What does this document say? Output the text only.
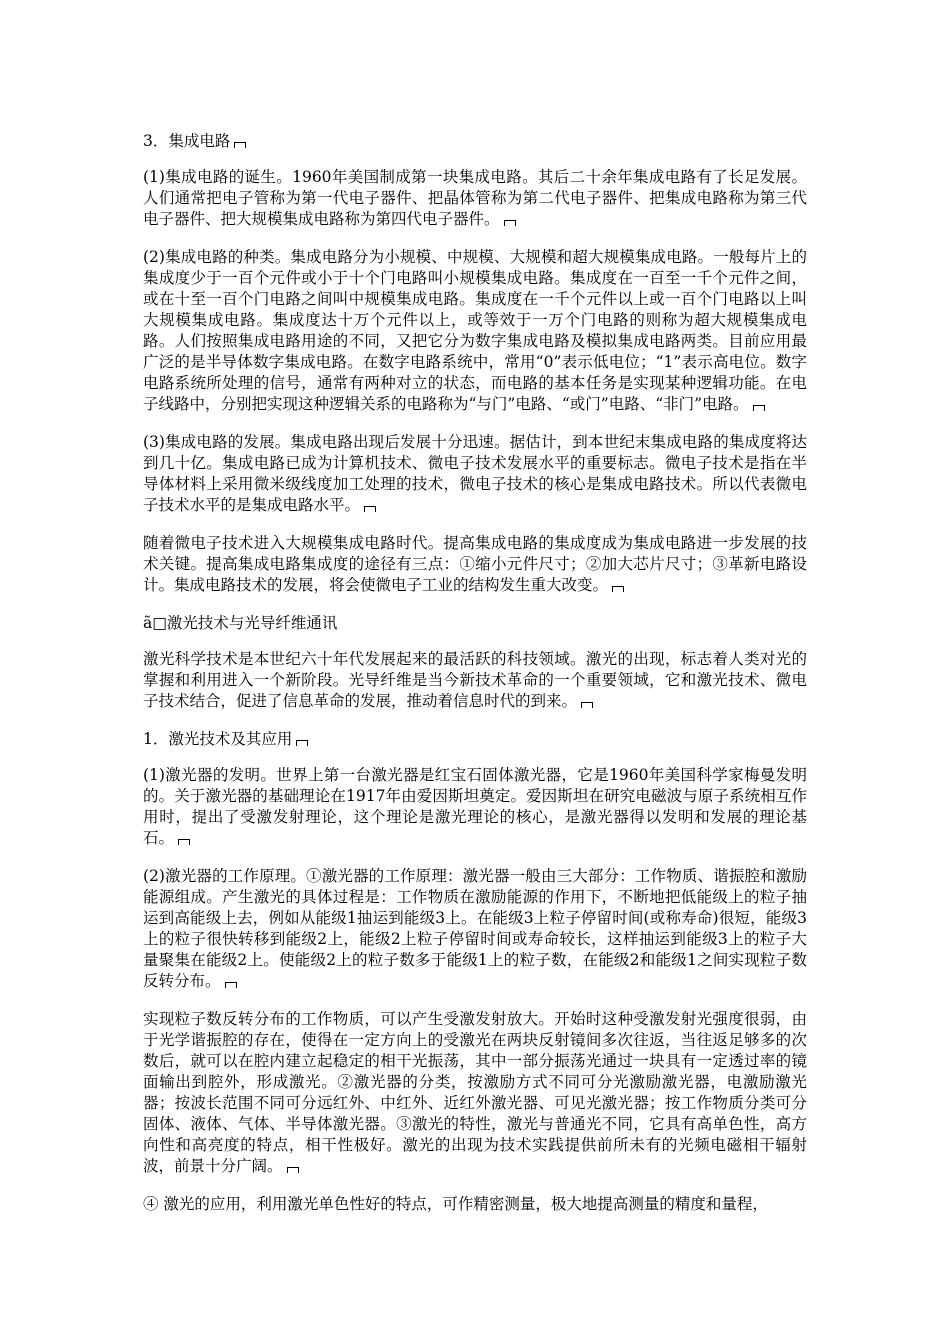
3．集成电路

(1)集成电路的诞生。1960年美国制成第一块集成电路。其后二十余年集成电路有了长足发展。人们通常把电子管称为第一代电子器件、把晶体管称为第二代电子器件、把集成电路称为第三代电子器件、把大规模集成电路称为第四代电子器件。

(2)集成电路的种类。集成电路分为小规模、中规模、大规模和超大规模集成电路。一般每片上的集成度少于一百个元件或小于十个门电路叫小规模集成电路。集成度在一百至一千个元件之间，或在十至一百个门电路之间叫中规模集成电路。集成度在一千个元件以上或一百个门电路以上叫大规模集成电路。集成度达十万个元件以上，或等效于一万个门电路的则称为超大规模集成电路。人们按照集成电路用途的不同，又把它分为数字集成电路及模拟集成电路两类。目前应用最广泛的是半导体数字集成电路。在数字电路系统中，常用“0”表示低电位；“1”表示高电位。数字电路系统所处理的信号，通常有两种对立的状态，而电路的基本任务是实现某种逻辑功能。在电子线路中，分别把实现这种逻辑关系的电路称为“与门”电路、“或门”电路、“非门”电路。

(3)集成电路的发展。集成电路出现后发展十分迅速。据估计，到本世纪末集成电路的集成度将达到几十亿。集成电路已成为计算机技术、微电子技术发展水平的重要标志。微电子技术是指在半导体材料上采用微米级线度加工处理的技术，微电子技术的核心是集成电路技术。所以代表微电子技术水平的是集成电路水平。

随着微电子技术进入大规模集成电路时代。提高集成电路的集成度成为集成电路进一步发展的技术关键。提高集成电路集成度的途径有三点：①缩小元件尺寸；②加大芯片尺寸；③革新电路设计。集成电路技术的发展，将会使微电子工业的结构发生重大改变。

ã□激光技术与光导纤维通讯

激光科学技术是本世纪六十年代发展起来的最活跃的科技领域。激光的出现，标志着人类对光的掌握和利用进入一个新阶段。光导纤维是当今新技术革命的一个重要领域，它和激光技术、微电子技术结合，促进了信息革命的发展，推动着信息时代的到来。

1．激光技术及其应用

(1)激光器的发明。世界上第一台激光器是红宝石固体激光器，它是1960年美国科学家梅曼发明的。关于激光器的基础理论在1917年由爱因斯坦奠定。爱因斯坦在研究电磁波与原子系统相互作用时，提出了受激发射理论，这个理论是激光理论的核心，是激光器得以发明和发展的理论基石。

(2)激光器的工作原理。①激光器的工作原理：激光器一般由三大部分：工作物质、谐振腔和激励能源组成。产生激光的具体过程是：工作物质在激励能源的作用下，不断地把低能级上的粒子抽运到高能级上去，例如从能级1抽运到能级3上。在能级3上粒子停留时间(或称寿命)很短，能级3上的粒子很快转移到能级2上，能级2上粒子停留时间或寿命较长，这样抽运到能级3上的粒子大量聚集在能级2上。使能级2上的粒子数多于能级1上的粒子数，在能级2和能级1之间实现粒子数反转分布。

实现粒子数反转分布的工作物质，可以产生受激发射放大。开始时这种受激发射光强度很弱，由于光学谐振腔的存在，使得在一定方向上的受激光在两块反射镜间多次往返，当往返足够多的次数后，就可以在腔内建立起稳定的相干光振荡，其中一部分振荡光通过一块具有一定透过率的镜面输出到腔外，形成激光。②激光器的分类，按激励方式不同可分光激励激光器，电激励激光器；按波长范围不同可分远红外、中红外、近红外激光器、可见光激光器；按工作物质分类可分固体、液体、气体、半导体激光器。③激光的特性，激光与普通光不同，它具有高单色性，高方向性和高亮度的特点，相干性极好。激光的出现为技术实践提供前所未有的光频电磁相干辐射波，前景十分广阔。

④ 激光的应用，利用激光单色性好的特点，可作精密测量，极大地提高测量的精度和量程，
